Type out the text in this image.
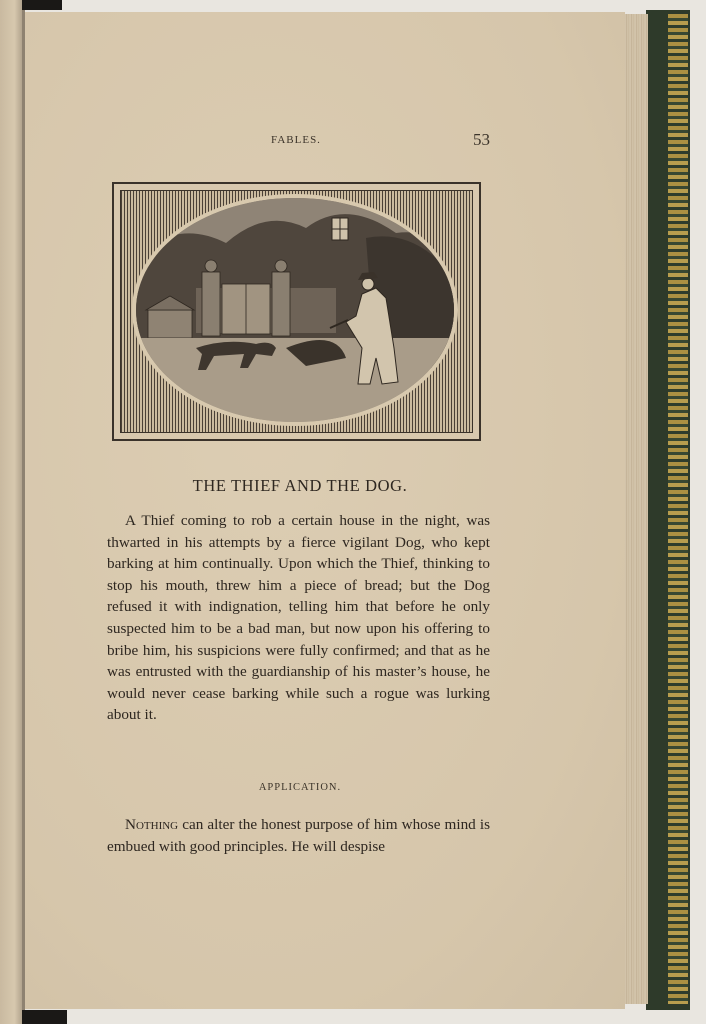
FABLES.	53
THE THIEF AND THE DOG.

A Thief coming to rob a certain house in the night, was thwarted in his attempts by a fierce vigilant Dog, who kept barking at him continually. Upon which the Thief, thinking to stop his mouth, threw him a piece of bread; but the Dog refused it with indignation, telling him that before he only suspected him to be a bad man, but now upon his offering to bribe him, his suspicions were fully confirmed; and that as he was entrusted with the guardianship of his master’s house, he would never cease barking while such a rogue was lurking about it.

APPLICATION.

Nothing can alter the honest purpose of him whose mind is embued with good principles. He will despise
